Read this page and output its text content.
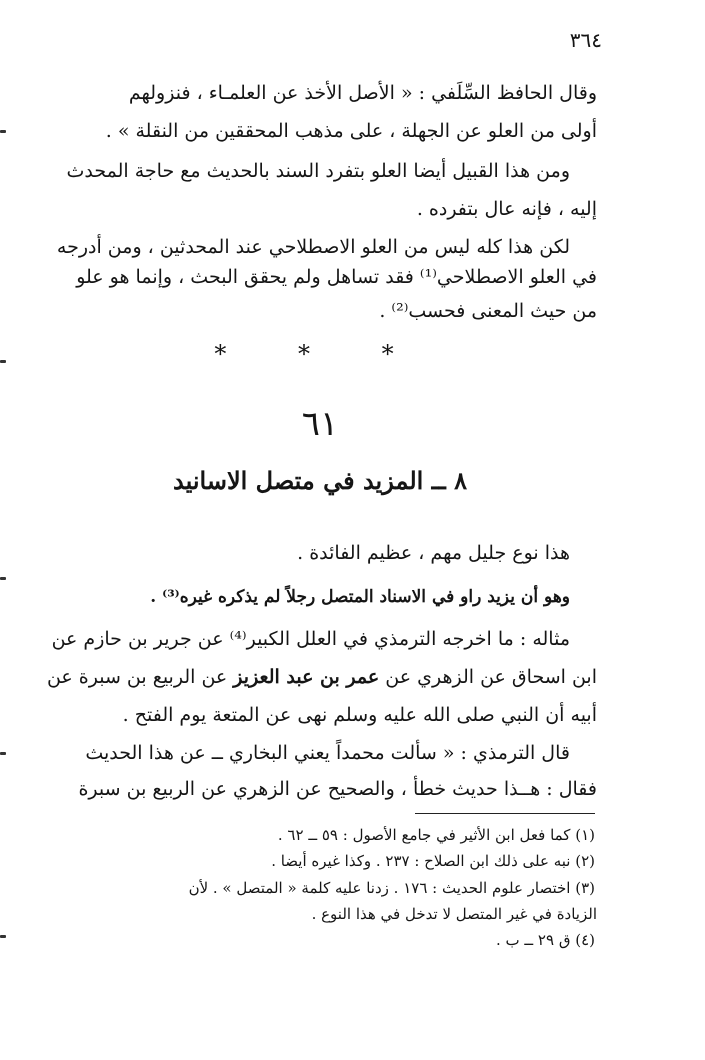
٣٦٤
وقال الحافظ السِّلَفي : « الأصل الأخذ عن العلمـاء ، فنزولهم
أولى من العلو عن الجهلة ، على مذهب المحققين من النقلة » .
ومن هذا القبيل أيضا العلو بتفرد السند بالحديث مع حاجة المحدث
إليه ، فإنه عال بتفرده .
لكن هذا كله ليس من العلو الاصطلاحي عند المحدثين ، ومن أدرجه
في العلو الاصطلاحي⁽¹⁾ فقد تساهل ولم يحقق البحث ، وإنما هو علو
من حيث المعنى فحسب⁽²⁾ .
* * *
٦١
٨ ــ المزيد في متصل الاسانيد
هذا نوع جليل مهم ، عظيم الفائدة .
وهو أن يزيد راو في الاسناد المتصل رجلاً لم يذكره غيره⁽³⁾ .
مثاله : ما اخرجه الترمذي في العلل الكبير⁽⁴⁾ عن جرير بن حازم عن
ابن اسحاق عن الزهري عن عمر بن عبد العزيز عن الربيع بن سبرة عن
أبيه أن النبي صلى الله عليه وسلم نهى عن المتعة يوم الفتح .
قال الترمذي : « سألت محمداً يعني البخاري ــ عن هذا الحديث
فقال : هــذا حديث خطأ ، والصحيح عن الزهري عن الربيع بن سبرة
(١) كما فعل ابن الأثير في جامع الأصول : ٥٩ ــ ٦٢ .
(٢) نبه على ذلك ابن الصلاح : ٢٣٧ . وكذا غيره أيضا .
(٣) اختصار علوم الحديث : ١٧٦ . زدنا عليه كلمة « المتصل » . لأن
الزيادة في غير المتصل لا تدخل في هذا النوع .
(٤) ق ٢٩ ــ ب .
